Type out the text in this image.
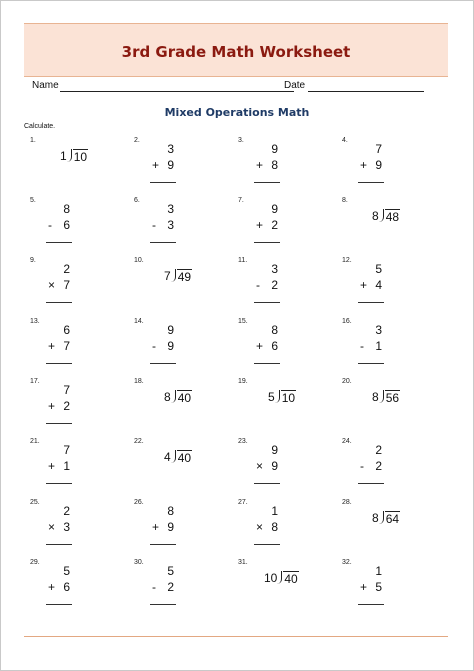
3rd Grade Math Worksheet
Name	Date
Mixed Operations Math
Calculate.
1.
1 10
2.
3
+ 9
3.
9
+ 8
4.
7
+ 9
5.
8
- 6
6.
3
- 3
7.
9
+ 2
8.
8 48
9.
2
× 7
10.
7 49
11.
3
- 2
12.
5
+ 4
13.
6
+ 7
14.
9
- 9
15.
8
+ 6
16.
3
- 1
17.
7
+ 2
18.
8 40
19.
5 10
20.
8 56
21.
7
+ 1
22.
4 40
23.
9
× 9
24.
2
- 2
25.
2
× 3
26.
8
+ 9
27.
1
× 8
28.
8 64
29.
5
+ 6
30.
5
- 2
31.
10 40
32.
1
+ 5
